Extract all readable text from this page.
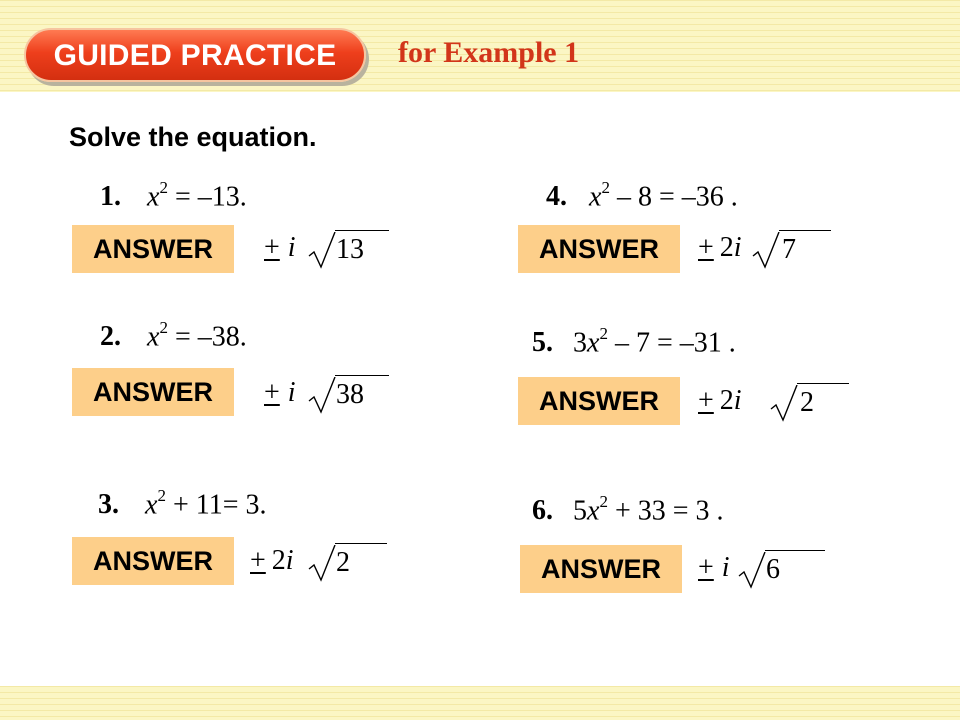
GUIDED PRACTICE for Example 1
Solve the equation.
1. $x^2 = -13$.
ANSWER	+ i 13
2. $x^2 = -38$.
ANSWER	+ i 38
3. $x^2 + 11= 3$.
ANSWER	+ 2i 2
4. $x^2 - 8 = -36$ .
ANSWER	+ 2i 7
5. $3x^2 - 7 = -31$ .
ANSWER	+ 2i 2
6. $5x^2 + 33 = 3$ .
ANSWER	+ i 6
